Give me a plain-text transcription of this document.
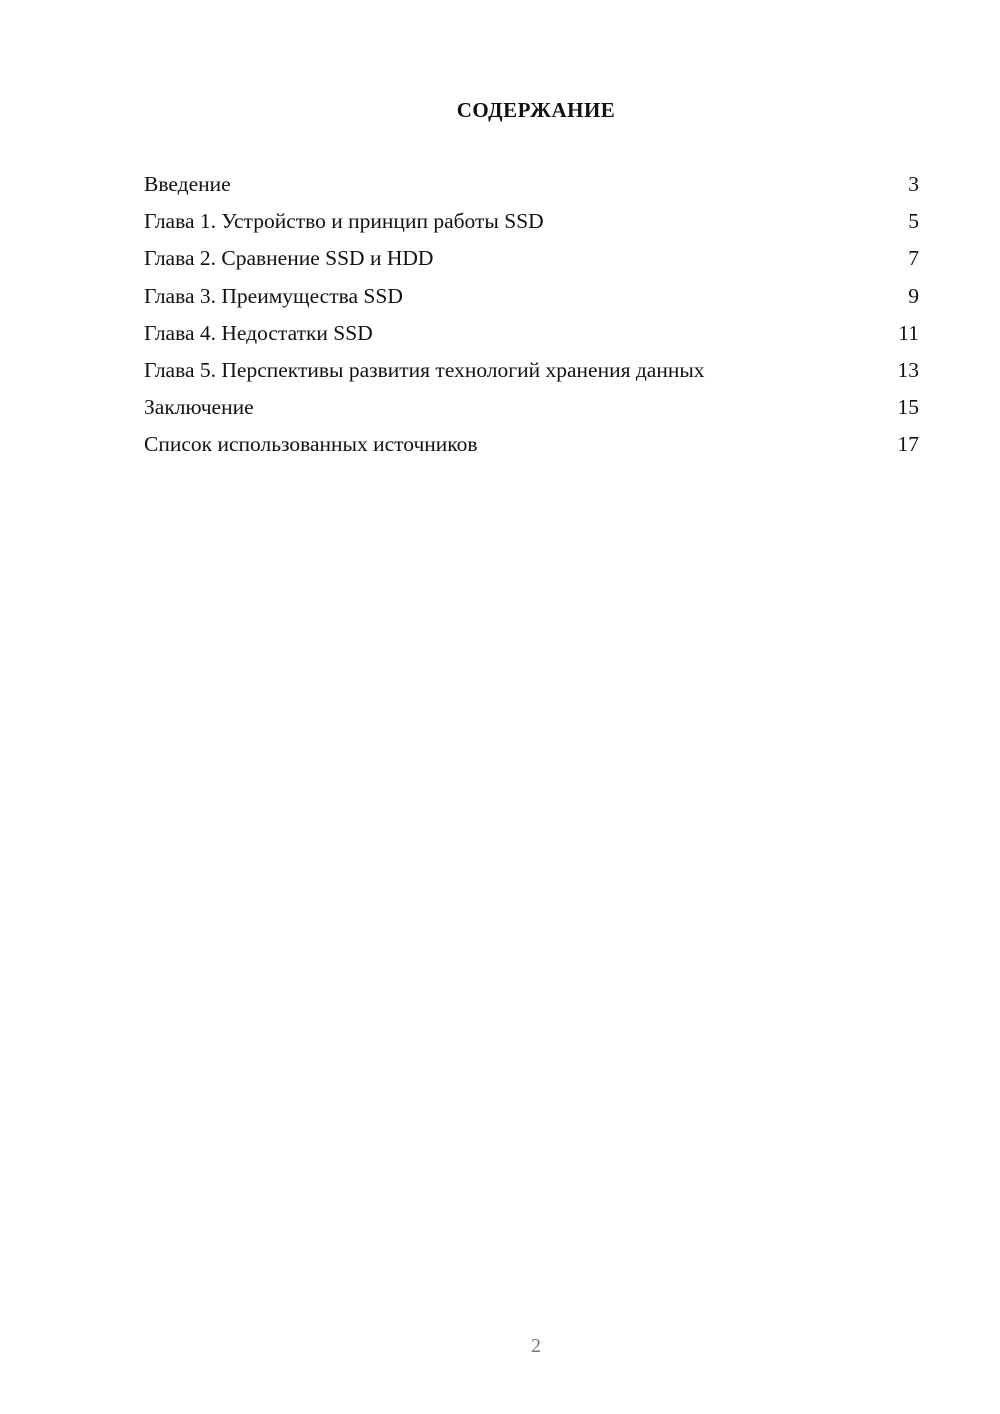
СОДЕРЖАНИЕ
Введение	3
Глава 1. Устройство и принцип работы SSD	5
Глава 2. Сравнение SSD и HDD	7
Глава 3. Преимущества SSD	9
Глава 4. Недостатки SSD	11
Глава 5. Перспективы развития технологий хранения данных	13
Заключение	15
Список использованных источников	17
2
